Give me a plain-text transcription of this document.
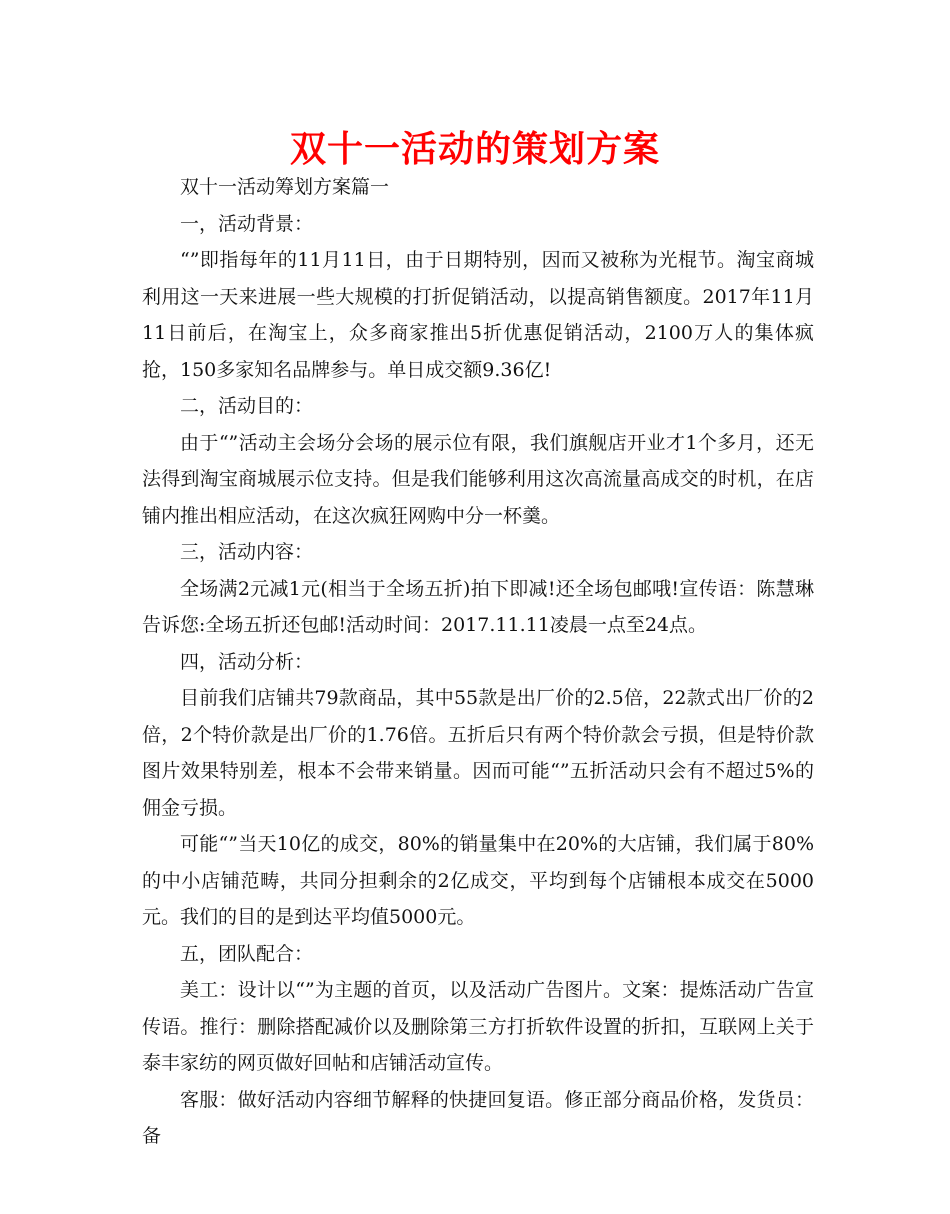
双十一活动的策划方案

双十一活动筹划方案篇一

一，活动背景：

“”即指每年的11月11日，由于日期特别，因而又被称为光棍节。淘宝商城利用这一天来进展一些大规模的打折促销活动，以提高销售额度。2017年11月11日前后，在淘宝上，众多商家推出5折优惠促销活动，2100万人的集体疯抢，150多家知名品牌参与。单日成交额9.36亿!

二，活动目的：

由于“”活动主会场分会场的展示位有限，我们旗舰店开业才1个多月，还无法得到淘宝商城展示位支持。但是我们能够利用这次高流量高成交的时机，在店铺内推出相应活动，在这次疯狂网购中分一杯羹。

三，活动内容：

全场满2元减1元(相当于全场五折)拍下即减!还全场包邮哦!宣传语：陈慧琳告诉您:全场五折还包邮!活动时间：2017.11.11凌晨一点至24点。

四，活动分析：

目前我们店铺共79款商品，其中55款是出厂价的2.5倍，22款式出厂价的2倍，2个特价款是出厂价的1.76倍。五折后只有两个特价款会亏损，但是特价款图片效果特别差，根本不会带来销量。因而可能“”五折活动只会有不超过5%的佣金亏损。

可能“”当天10亿的成交，80%的销量集中在20%的大店铺，我们属于80%的中小店铺范畴，共同分担剩余的2亿成交，平均到每个店铺根本成交在5000元。我们的目的是到达平均值5000元。

五，团队配合：

美工：设计以“”为主题的首页，以及活动广告图片。文案：提炼活动广告宣传语。推行：删除搭配减价以及删除第三方打折软件设置的折扣，互联网上关于泰丰家纺的网页做好回帖和店铺活动宣传。

客服：做好活动内容细节解释的快捷回复语。修正部分商品价格，发货员：备
